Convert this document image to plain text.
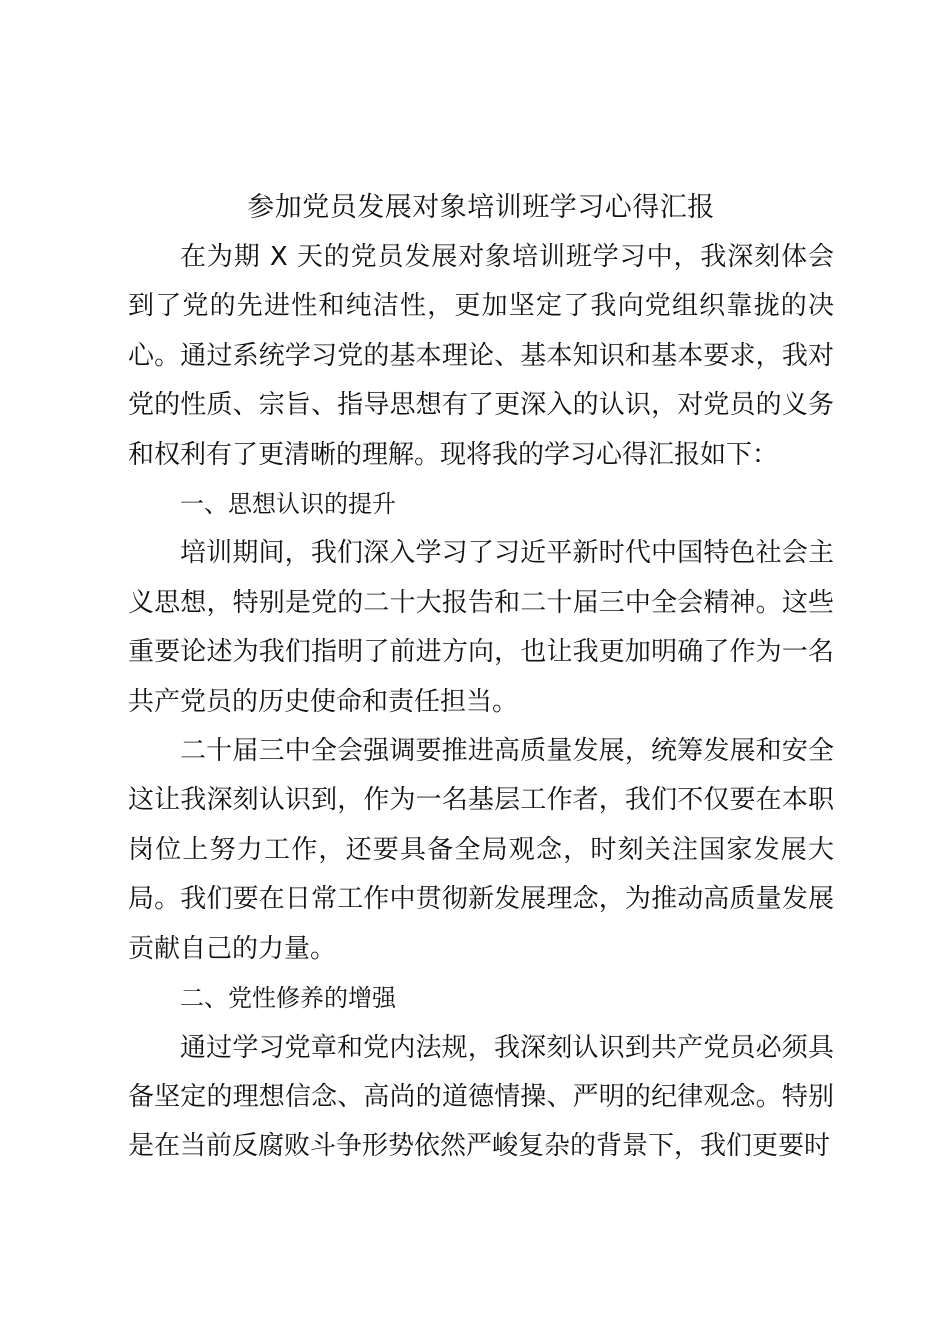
参加党员发展对象培训班学习心得汇报

在为期 X 天的党员发展对象培训班学习中，我深刻体会到了党的先进性和纯洁性，更加坚定了我向党组织靠拢的决心。通过系统学习党的基本理论、基本知识和基本要求，我对党的性质、宗旨、指导思想有了更深入的认识，对党员的义务和权利有了更清晰的理解。现将我的学习心得汇报如下：

一、思想认识的提升

培训期间，我们深入学习了习近平新时代中国特色社会主义思想，特别是党的二十大报告和二十届三中全会精神。这些重要论述为我们指明了前进方向，也让我更加明确了作为一名共产党员的历史使命和责任担当。

二十届三中全会强调要推进高质量发展，统筹发展和安全这让我深刻认识到，作为一名基层工作者，我们不仅要在本职岗位上努力工作，还要具备全局观念，时刻关注国家发展大局。我们要在日常工作中贯彻新发展理念，为推动高质量发展贡献自己的力量。

二、党性修养的增强

通过学习党章和党内法规，我深刻认识到共产党员必须具备坚定的理想信念、高尚的道德情操、严明的纪律观念。特别是在当前反腐败斗争形势依然严峻复杂的背景下，我们更要时
